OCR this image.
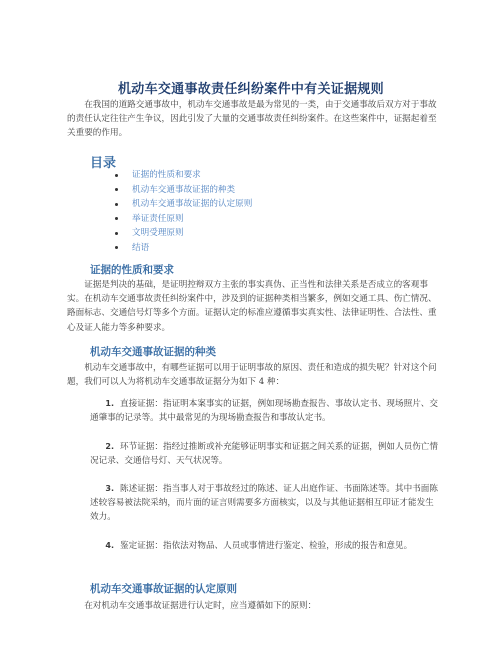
机动车交通事故责任纠纷案件中有关证据规则

在我国的道路交通事故中，机动车交通事故是最为常见的一类，由于交通事故后双方对于事故的责任认定往往产生争议，因此引发了大量的交通事故责任纠纷案件。在这些案件中，证据起着至关重要的作用。

目录
证据的性质和要求
机动车交通事故证据的种类
机动车交通事故证据的认定原则
举证责任原则
文明受理原则
结语
证据的性质和要求

证据是判决的基础，是证明控辩双方主张的事实真伪、正当性和法律关系是否成立的客观事实。在机动车交通事故责任纠纷案件中，涉及到的证据种类相当繁多，例如交通工具、伤亡情况、路面标志、交通信号灯等多个方面。证据认定的标准应遵循事实真实性、法律证明性、合法性、重心及证人能力等多种要求。

机动车交通事故证据的种类

机动车交通事故中，有哪些证据可以用于证明事故的原因、责任和造成的损失呢？针对这个问题，我们可以人为将机动车交通事故证据分为如下 4 种：

1. 直接证据：指证明本案事实的证据，例如现场勘查报告、事故认定书、现场照片、交通肇事的记录等。其中最常见的为现场勘查报告和事故认定书。
2. 环节证据：指经过推断或补充能够证明事实和证据之间关系的证据，例如人员伤亡情况记录、交通信号灯、天气状况等。
3. 陈述证据：指当事人对于事故经过的陈述、证人出庭作证、书面陈述等。其中书面陈述较容易被法院采纳，而片面的证言则需要多方面核实，以及与其他证据相互印证才能发生效力。
4. 鉴定证据：指依法对物品、人员或事情进行鉴定、检验，形成的报告和意见。
机动车交通事故证据的认定原则

在对机动车交通事故证据进行认定时，应当遵循如下的原则：
